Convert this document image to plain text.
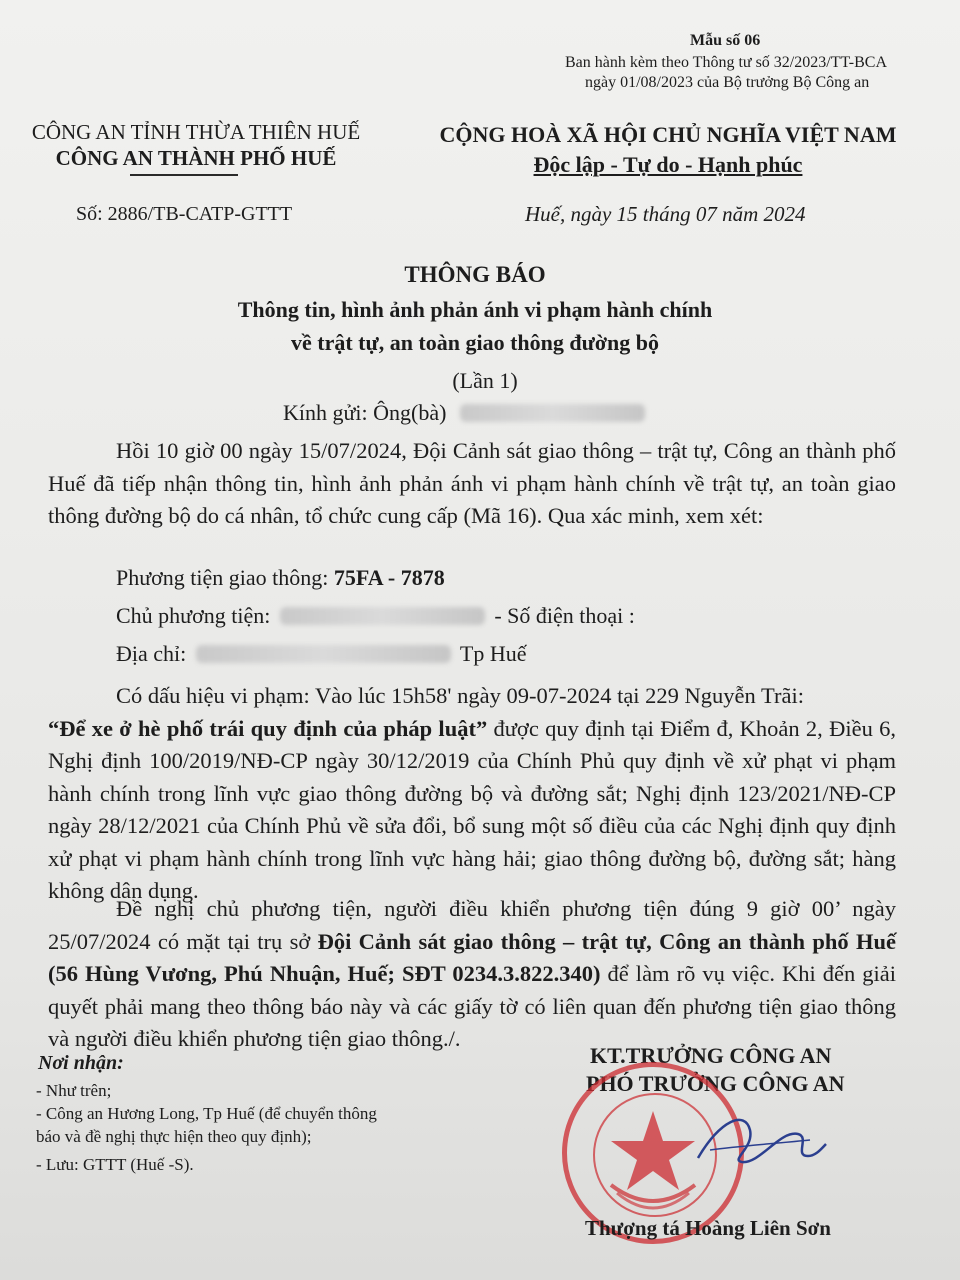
Mẫu số 06
Ban hành kèm theo Thông tư số 32/2023/TT-BCA
ngày 01/08/2023 của Bộ trưởng Bộ Công an
CÔNG AN TỈNH THỪA THIÊN HUẾ
CÔNG AN THÀNH PHỐ HUẾ
CỘNG HOÀ XÃ HỘI CHỦ NGHĨA VIỆT NAM
Độc lập - Tự do - Hạnh phúc
Số: 2886/TB-CATP-GTTT	Huế, ngày 15 tháng 07 năm 2024
THÔNG BÁO
Thông tin, hình ảnh phản ánh vi phạm hành chính
về trật tự, an toàn giao thông đường bộ
(Lần 1)
Kính gửi: Ông(bà)
Hồi 10 giờ 00 ngày 15/07/2024, Đội Cảnh sát giao thông – trật tự, Công an thành phố Huế đã tiếp nhận thông tin, hình ảnh phản ánh vi phạm hành chính về trật tự, an toàn giao thông đường bộ do cá nhân, tổ chức cung cấp (Mã 16). Qua xác minh, xem xét:
Phương tiện giao thông: 75FA - 7878
Chủ phương tiện:	- Số điện thoại :
Địa chỉ:	Tp Huế
Có dấu hiệu vi phạm: Vào lúc 15h58' ngày 09-07-2024 tại 229 Nguyễn Trãi:
“Để xe ở hè phố trái quy định của pháp luật” được quy định tại Điểm đ, Khoản 2, Điều 6, Nghị định 100/2019/NĐ-CP ngày 30/12/2019 của Chính Phủ quy định về xử phạt vi phạm hành chính trong lĩnh vực giao thông đường bộ và đường sắt; Nghị định 123/2021/NĐ-CP ngày 28/12/2021 của Chính Phủ về sửa đổi, bổ sung một số điều của các Nghị định quy định xử phạt vi phạm hành chính trong lĩnh vực hàng hải; giao thông đường bộ, đường sắt; hàng không dân dụng.
Đề nghị chủ phương tiện, người điều khiển phương tiện đúng 9 giờ 00’ ngày 25/07/2024 có mặt tại trụ sở Đội Cảnh sát giao thông – trật tự, Công an thành phố Huế (56 Hùng Vương, Phú Nhuận, Huế; SĐT 0234.3.822.340) để làm rõ vụ việc. Khi đến giải quyết phải mang theo thông báo này và các giấy tờ có liên quan đến phương tiện giao thông và người điều khiển phương tiện giao thông./.
Nơi nhận:
- Như trên;
- Công an Hương Long, Tp Huế (để chuyển thông
báo và đề nghị thực hiện theo quy định);
- Lưu: GTTT (Huế -S).
KT.TRƯỞNG CÔNG AN
PHÓ TRƯỞNG CÔNG AN
Thượng tá Hoàng Liên Sơn
